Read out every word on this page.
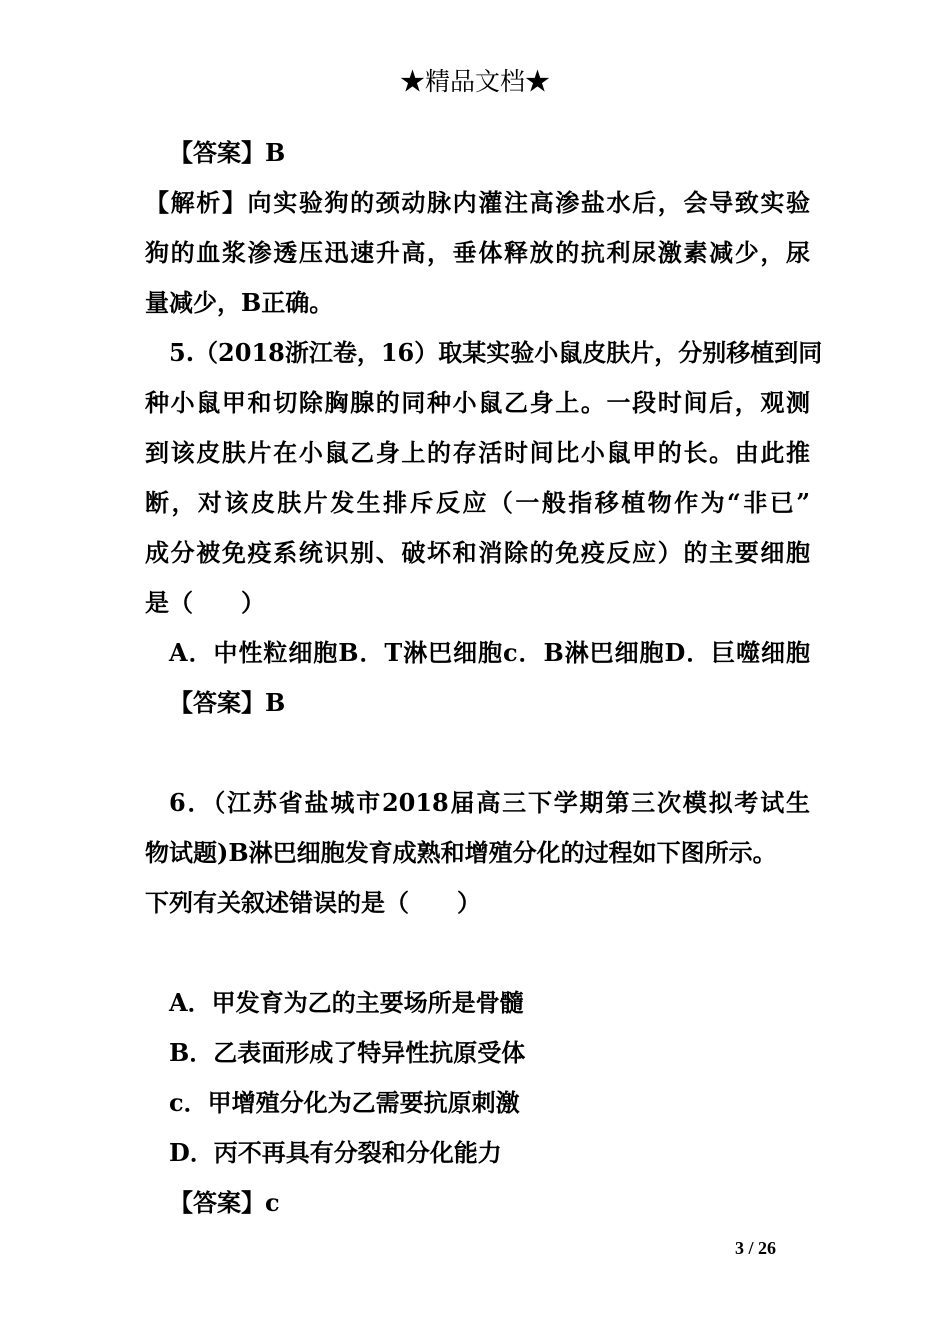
★精品文档★
【答案】B
【解析】向实验狗的颈动脉内灌注高渗盐水后，会导致实验
狗的血浆渗透压迅速升高，垂体释放的抗利尿激素减少，尿
量减少，B正确。
5.（2018浙江卷，16）取某实验小鼠皮肤片，分别移植到同
种小鼠甲和切除胸腺的同种小鼠乙身上。一段时间后，观测
到该皮肤片在小鼠乙身上的存活时间比小鼠甲的长。由此推
断，对该皮肤片发生排斥反应（一般指移植物作为“非已”
成分被免疫系统识别、破坏和消除的免疫反应）的主要细胞
是（　　）
A．中性粒细胞B．T淋巴细胞c．B淋巴细胞D．巨噬细胞
【答案】B
6．（江苏省盐城市2018届高三下学期第三次模拟考试生
物试题)B淋巴细胞发育成熟和增殖分化的过程如下图所示。
下列有关叙述错误的是（　　）
A．甲发育为乙的主要场所是骨髓
B．乙表面形成了特异性抗原受体
c．甲增殖分化为乙需要抗原刺激
D．丙不再具有分裂和分化能力
【答案】c
3 / 26
